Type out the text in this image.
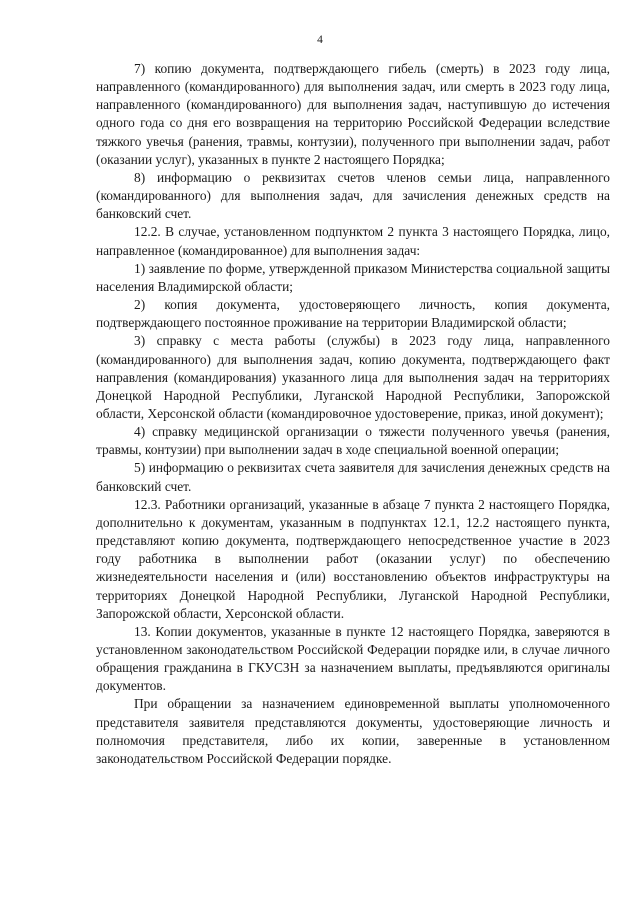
4

7) копию документа, подтверждающего гибель (смерть) в 2023 году лица, направленного (командированного) для выполнения задач, или смерть в 2023 году лица, направленного (командированного) для выполнения задач, наступившую до истечения одного года со дня его возвращения на территорию Российской Федерации вследствие тяжкого увечья (ранения, травмы, контузии), полученного при выполнении задач, работ (оказании услуг), указанных в пункте 2 настоящего Порядка;

8) информацию о реквизитах счетов членов семьи лица, направленного (командированного) для выполнения задач, для зачисления денежных средств на банковский счет.

12.2. В случае, установленном подпунктом 2 пункта 3 настоящего Порядка, лицо, направленное (командированное) для выполнения задач:

1) заявление по форме, утвержденной приказом Министерства социальной защиты населения Владимирской области;

2) копия документа, удостоверяющего личность, копия документа, подтверждающего постоянное проживание на территории Владимирской области;

3) справку с места работы (службы) в 2023 году лица, направленного (командированного) для выполнения задач, копию документа, подтверждающего факт направления (командирования) указанного лица для выполнения задач на территориях Донецкой Народной Республики, Луганской Народной Республики, Запорожской области, Херсонской области (командировочное удостоверение, приказ, иной документ);

4) справку медицинской организации о тяжести полученного увечья (ранения, травмы, контузии) при выполнении задач в ходе специальной военной операции;

5) информацию о реквизитах счета заявителя для зачисления денежных средств на банковский счет.

12.3. Работники организаций, указанные в абзаце 7 пункта 2 настоящего Порядка, дополнительно к документам, указанным в подпунктах 12.1, 12.2 настоящего пункта, представляют копию документа, подтверждающего непосредственное участие в 2023 году работника в выполнении работ (оказании услуг) по обеспечению жизнедеятельности населения и (или) восстановлению объектов инфраструктуры на территориях Донецкой Народной Республики, Луганской Народной Республики, Запорожской области, Херсонской области.

13. Копии документов, указанные в пункте 12 настоящего Порядка, заверяются в установленном законодательством Российской Федерации порядке или, в случае личного обращения гражданина в ГКУСЗН за назначением выплаты, предъявляются оригиналы документов.

При обращении за назначением единовременной выплаты уполномоченного представителя заявителя представляются документы, удостоверяющие личность и полномочия представителя, либо их копии, заверенные в установленном законодательством Российской Федерации порядке.
